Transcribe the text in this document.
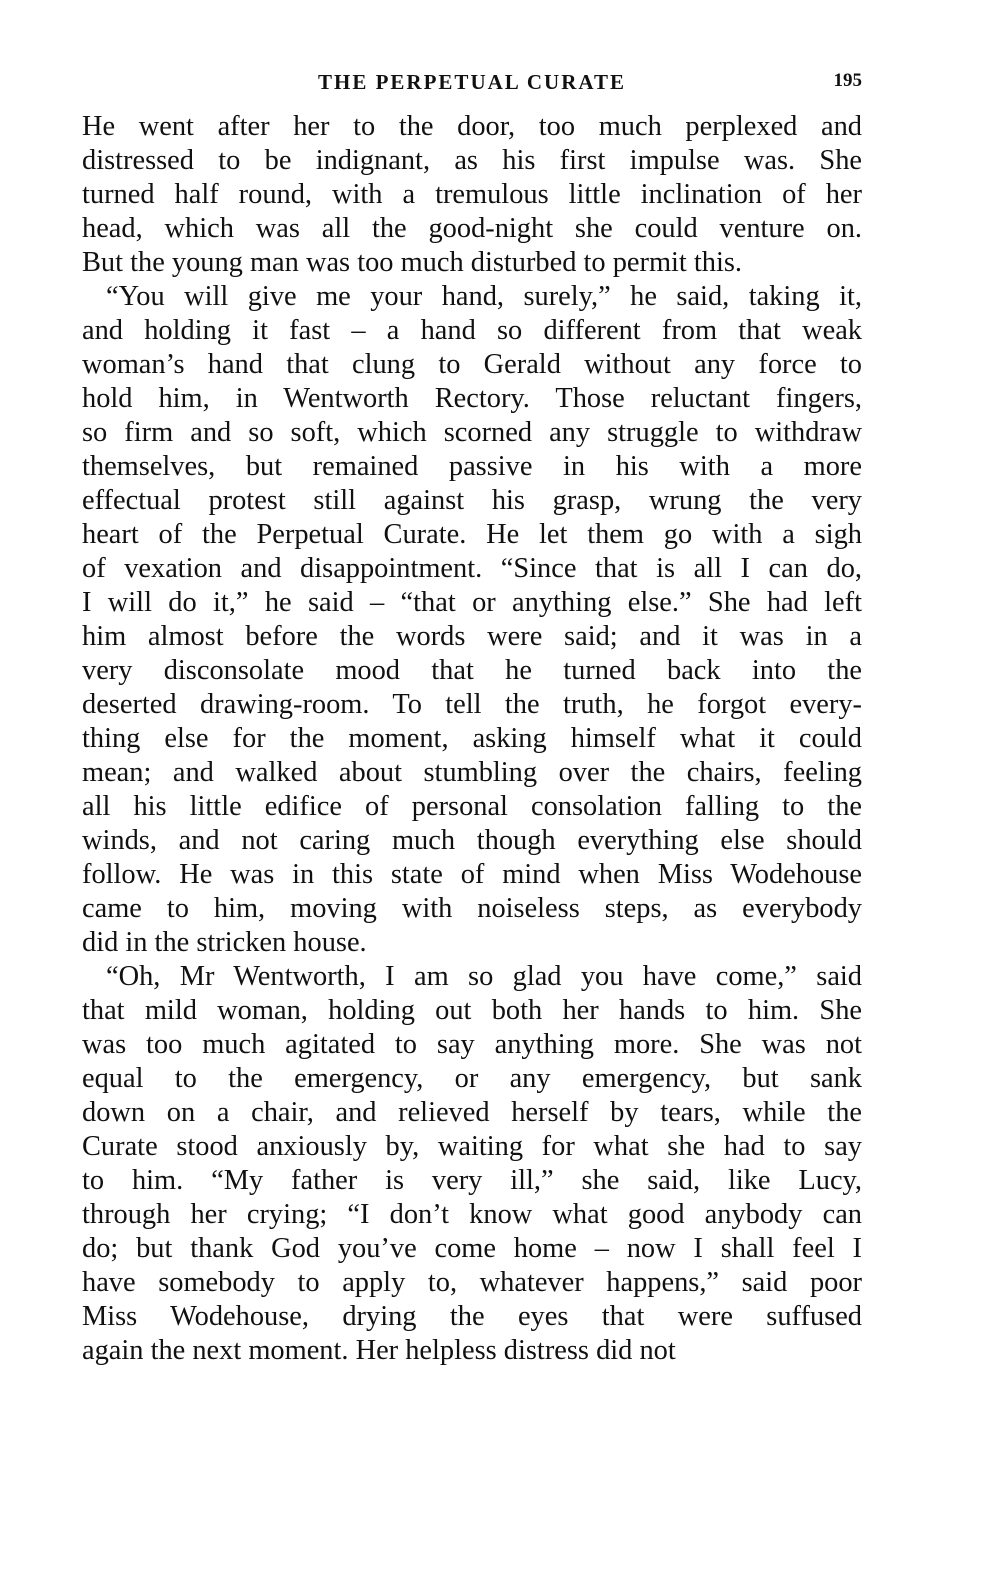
THE PERPETUAL CURATE	195
He went after her to the door, too much perplexed and
distressed to be indignant, as his first impulse was. She
turned half round, with a tremulous little inclination of her
head, which was all the good-night she could venture on.
But the young man was too much disturbed to permit this.
“You will give me your hand, surely,” he said, taking it,
and holding it fast – a hand so different from that weak
woman’s hand that clung to Gerald without any force to
hold him, in Wentworth Rectory. Those reluctant fingers,
so firm and so soft, which scorned any struggle to withdraw
themselves, but remained passive in his with a more
effectual protest still against his grasp, wrung the very
heart of the Perpetual Curate. He let them go with a sigh
of vexation and disappointment. “Since that is all I can do,
I will do it,” he said – “that or anything else.” She had left
him almost before the words were said; and it was in a
very disconsolate mood that he turned back into the
deserted drawing-room. To tell the truth, he forgot every-
thing else for the moment, asking himself what it could
mean; and walked about stumbling over the chairs, feeling
all his little edifice of personal consolation falling to the
winds, and not caring much though everything else should
follow. He was in this state of mind when Miss Wodehouse
came to him, moving with noiseless steps, as everybody
did in the stricken house.
“Oh, Mr Wentworth, I am so glad you have come,” said
that mild woman, holding out both her hands to him. She
was too much agitated to say anything more. She was not
equal to the emergency, or any emergency, but sank
down on a chair, and relieved herself by tears, while the
Curate stood anxiously by, waiting for what she had to say
to him. “My father is very ill,” she said, like Lucy,
through her crying; “I don’t know what good anybody can
do; but thank God you’ve come home – now I shall feel I
have somebody to apply to, whatever happens,” said poor
Miss Wodehouse, drying the eyes that were suffused
again the next moment. Her helpless distress did not
